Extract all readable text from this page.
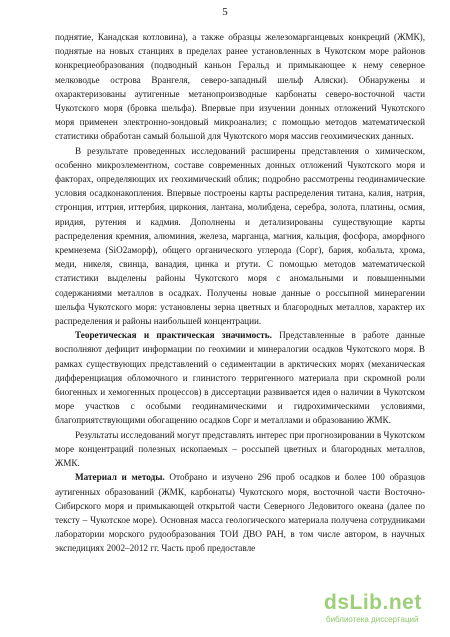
5

поднятие, Канадская котловина), а также образцы железомарганцевых конкреций (ЖМК), поднятые на новых станциях в пределах ранее установленных в Чукотском море районов конкрециеобразования (подводный каньон Геральд и примыкающее к нему северное мелководье острова Врангеля, северо-западный шельф Аляски). Обнаружены и охарактеризованы аутигенные метанопроизводные карбонаты северо-восточной части Чукотского моря (бровка шельфа). Впервые при изучении донных отложений Чукотского моря применен электронно-зондовый микроанализ; с помощью методов математической статистики обработан самый большой для Чукотского моря массив геохимических данных.

В результате проведенных исследований расширены представления о химическом, особенно микроэлементном, составе современных донных отложений Чукотского моря и факторах, определяющих их геохимический облик; подробно рассмотрены геодинамические условия осадконакопления. Впервые построены карты распределения титана, калия, натрия, стронция, иттрия, иттербия, циркония, лантана, молибдена, серебра, золота, платины, осмия, иридия, рутения и кадмия. Дополнены и детализированы существующие карты распределения кремния, алюминия, железа, марганца, магния, кальция, фосфора, аморфного кремнезема (SiO2аморф), общего органического углерода (Сорг), бария, кобальта, хрома, меди, никеля, свинца, ванадия, цинка и ртути. С помощью методов математической статистики выделены районы Чукотского моря с аномальными и повышенными содержаниями металлов в осадках. Получены новые данные о россыпной минерагении шельфа Чукотского моря: установлены зерна цветных и благородных металлов, характер их распределения и районы наибольшей концентрации.

Теоретическая и практическая значимость. Представленные в работе данные восполняют дефицит информации по геохимии и минералогии осадков Чукотского моря. В рамках существующих представлений о седиментации в арктических морях (механическая дифференциация обломочного и глинистого терригенного материала при скромной роли биогенных и хемогенных процессов) в диссертации развивается идея о наличии в Чукотском море участков с особыми геодинамическими и гидрохимическими условиями, благоприятствующими обогащению осадков Сорг и металлами и образованию ЖМК.

Результаты исследований могут представлять интерес при прогнозировании в Чукотском море концентраций полезных ископаемых – россыпей цветных и благородных металлов, ЖМК.

Материал и методы. Отобрано и изучено 296 проб осадков и более 100 образцов аутигенных образований (ЖМК, карбонаты) Чукотского моря, восточной части Восточно-Сибирского моря и примыкающей открытой части Северного Ледовитого океана (далее по тексту – Чукотское море). Основная масса геологического материала получена сотрудниками лаборатории морского рудообразования ТОИ ДВО РАН, в том числе автором, в научных экспедициях 2002–2012 гг. Часть проб предоставле

dsLib.net
библиотека диссертаций
